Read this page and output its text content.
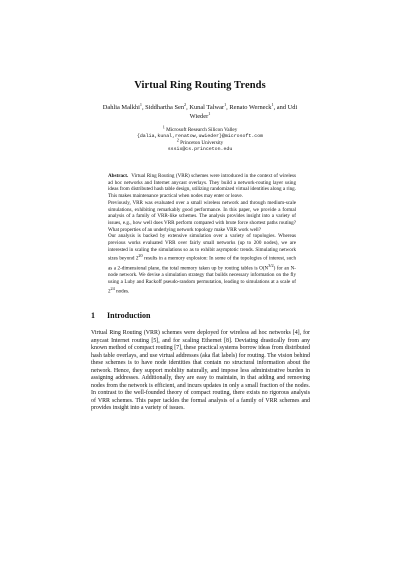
Virtual Ring Routing Trends
Dahlia Malkhi$^1$, Siddhartha Sen$^2$, Kunal Talwar$^1$, Renato Werneck$^1$, and Udi Wieder$^1$
$^1$ Microsoft Research Silicon Valley
{dalia,kunal,renatow,uwieder}@microsoft.com
$^2$ Princeton University
sssix@cs.princeton.edu

Abstract. Virtual Ring Routing (VRR) schemes were introduced in the context of wireless ad hoc networks and Internet anycast overlays. They build a network-routing layer using ideas from distributed hash table design, utilizing randomized virtual identities along a ring. This makes maintenance practical when nodes may enter or leave.

Previously, VRR was evaluated over a small wireless network and through medium-scale simulations, exhibiting remarkably good performance. In this paper, we provide a formal analysis of a family of VRR-like schemes. The analysis provides insight into a variety of issues, e.g., how well does VRR perform compared with brute force shortest paths routing? What properties of an underlying network topology make VRR work well?

Our analysis is backed by extensive simulation over a variety of topologies. Whereas previous works evaluated VRR over fairly small networks (up to 200 nodes), we are interested in scaling the simulations so as to exhibit asymptotic trends. Simulating network sizes beyond $2^{20}$ results in a memory explosion: In some of the topologies of interest, such as a 2-dimensional plane, the total memory taken up by routing tables is $O(N^{3/2})$ for an N-node network. We devise a simulation strategy that builds necessary information on the fly using a Luby and Rackoff pseudo-random permutation, leading to simulations at a scale of $2^{24}$ nodes.

1 Introduction

Virtual Ring Routing (VRR) schemes were deployed for wireless ad hoc networks [4], for anycast Internet routing [5], and for scaling Ethernet [8]. Deviating drastically from any known method of compact routing [7], these practical systems borrow ideas from distributed hash table overlays, and use virtual addresses (aka flat labels) for routing. The vision behind these schemes is to have node identities that contain no structural information about the network. Hence, they support mobility naturally, and impose less administrative burden in assigning addresses. Additionally, they are easy to maintain, in that adding and removing nodes from the network is efficient, and incurs updates in only a small fraction of the nodes. In contrast to the well-founded theory of compact routing, there exists no rigorous analysis of VRR schemes. This paper tackles the formal analysis of a family of VRR schemes and provides insight into a variety of issues.
